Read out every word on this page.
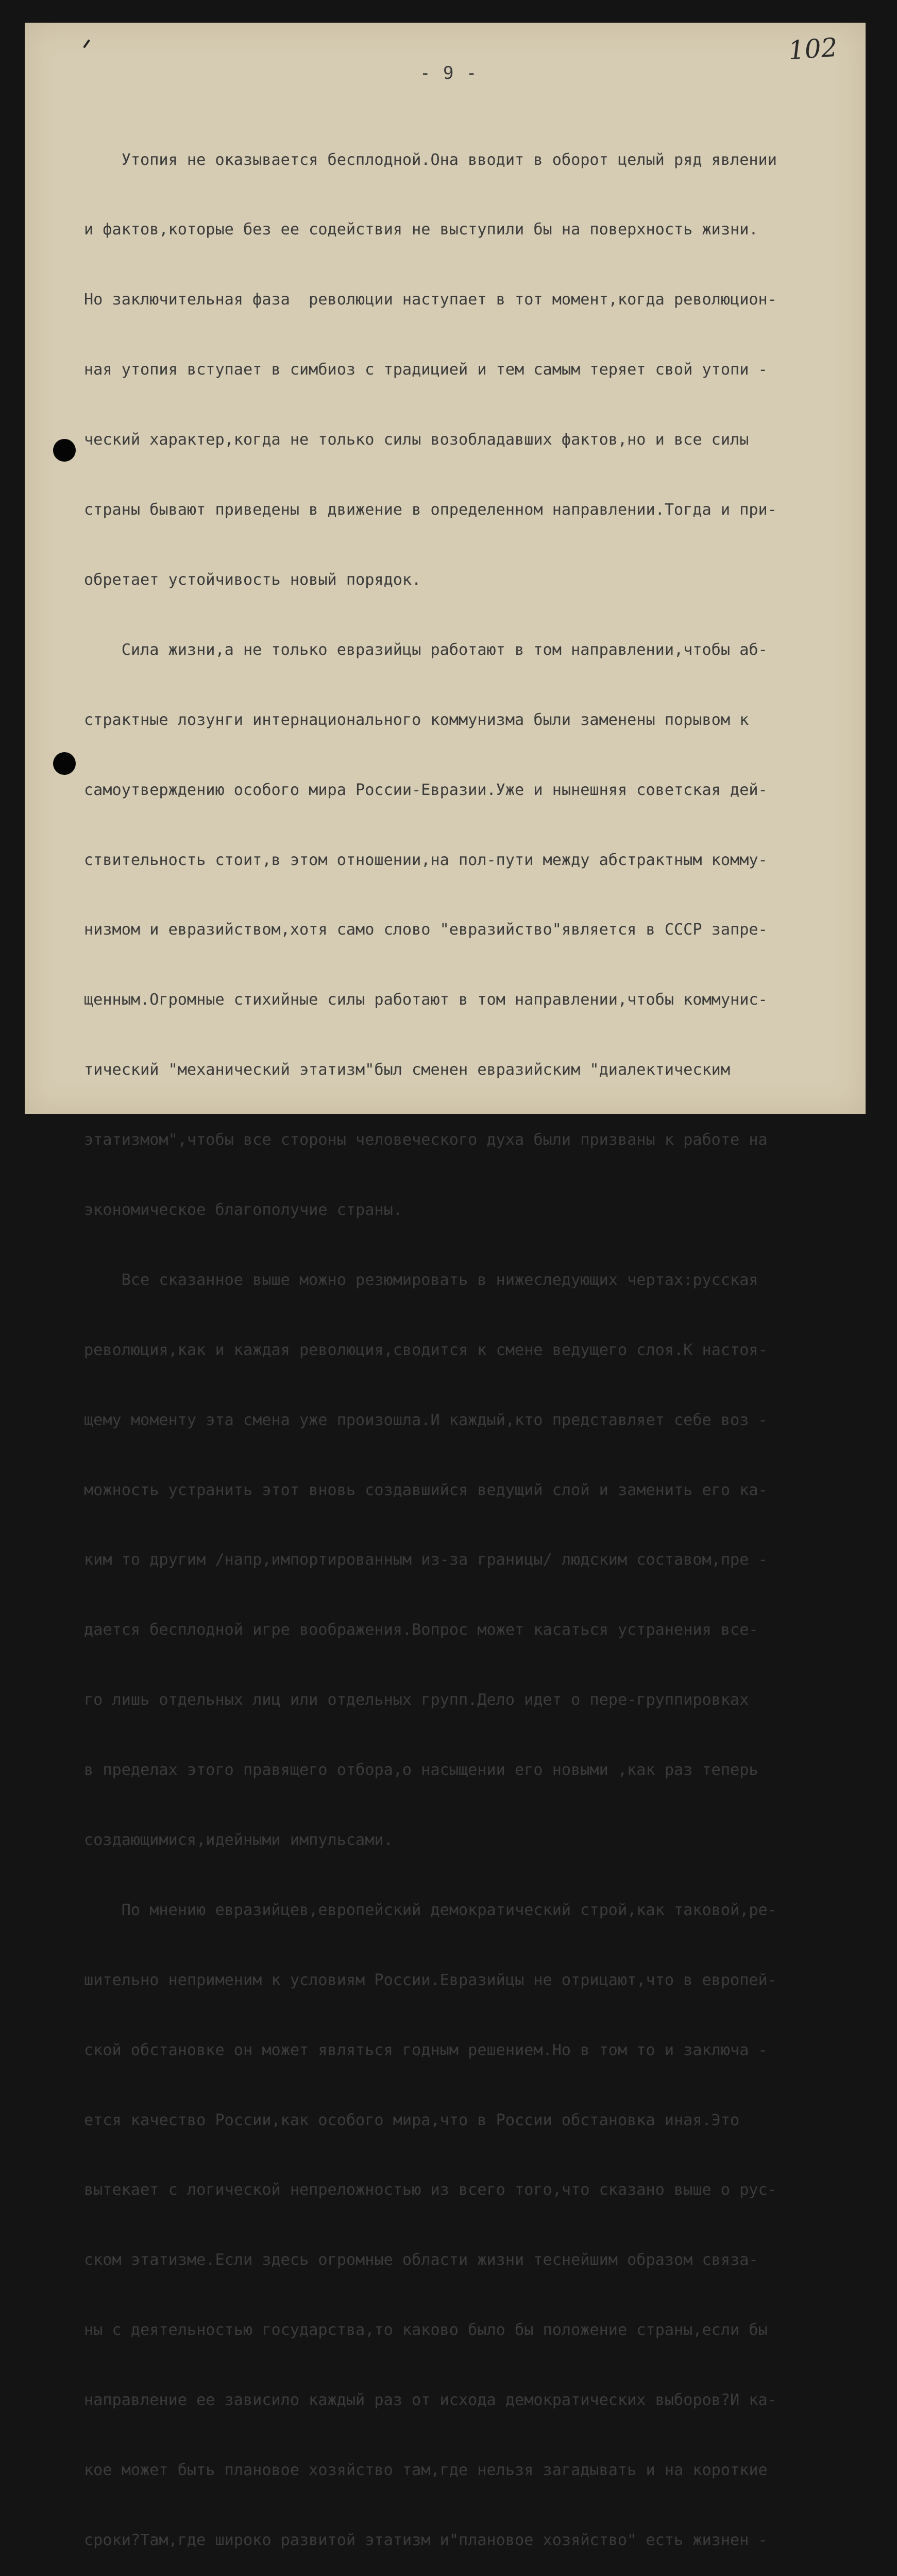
102
- 9 -

Утопия не оказывается бесплодной.Она вводит в оборот целый ряд явлении

и фактов,которые без ее содействия не выступили бы на поверхность жизни.

Но заключительная фаза  революции наступает в тот момент,когда революцион-

ная утопия вступает в симбиоз с традицией и тем самым теряет свой утопи -

ческий характер,когда не только силы возобладавших фактов,но и все силы

страны бывают приведены в движение в определенном направлении.Тогда и при-

обретает устойчивость новый порядок.

Сила жизни,а не только евразийцы работают в том направлении,чтобы аб-

страктные лозунги интернационального коммунизма были заменены порывом к

самоутверждению особого мира России-Евразии.Уже и нынешняя советская дей-

ствительность стоит,в этом отношении,на пол-пути между абстрактным комму-

низмом и евразийством,хотя само слово "евразийство"является в СССР запре-

щенным.Огромные стихийные силы работают в том направлении,чтобы коммунис-

тический "механический этатизм"был сменен евразийским "диалектическим

этатизмом",чтобы все стороны человеческого духа были призваны к работе на

экономическое благополучие страны.

Все сказанное выше можно резюмировать в нижеследующих чертах:русская

революция,как и каждая революция,сводится к смене ведущего слоя.К настоя-

щему моменту эта смена уже произошла.И каждый,кто представляет себе воз -

можность устранить этот вновь создавшийся ведущий слой и заменить его ка-

ким то другим /напр,импортированным из-за границы/ людским составом,пре -

дается бесплодной игре воображения.Вопрос может касаться устранения все-

го лишь отдельных лиц или отдельных групп.Дело идет о пере-группировках

в пределах этого правящего отбора,о насыщении его новыми ,как раз теперь

создающимися,идейными импульсами.

По мнению евразийцев,европейский демократический строй,как таковой,ре-

шительно неприменим к условиям России.Евразийцы не отрицают,что в европей-

ской обстановке он может являться годным решением.Но в том то и заключа -

ется качество России,как особого мира,что в России обстановка иная.Это

вытекает с логической непреложностью из всего того,что сказано выше о рус-

ском этатизме.Если здесь огромные области жизни теснейшим образом связа-

ны с деятельностью государства,то каково было бы положение страны,если бы

направление ее зависило каждый раз от исхода демократических выборов?И ка-

кое может быть плановое хозяйство там,где нельзя загадывать и на короткие

сроки?Там,где широко развитой этатизм и"плановое хозяйство" есть жизнен -
